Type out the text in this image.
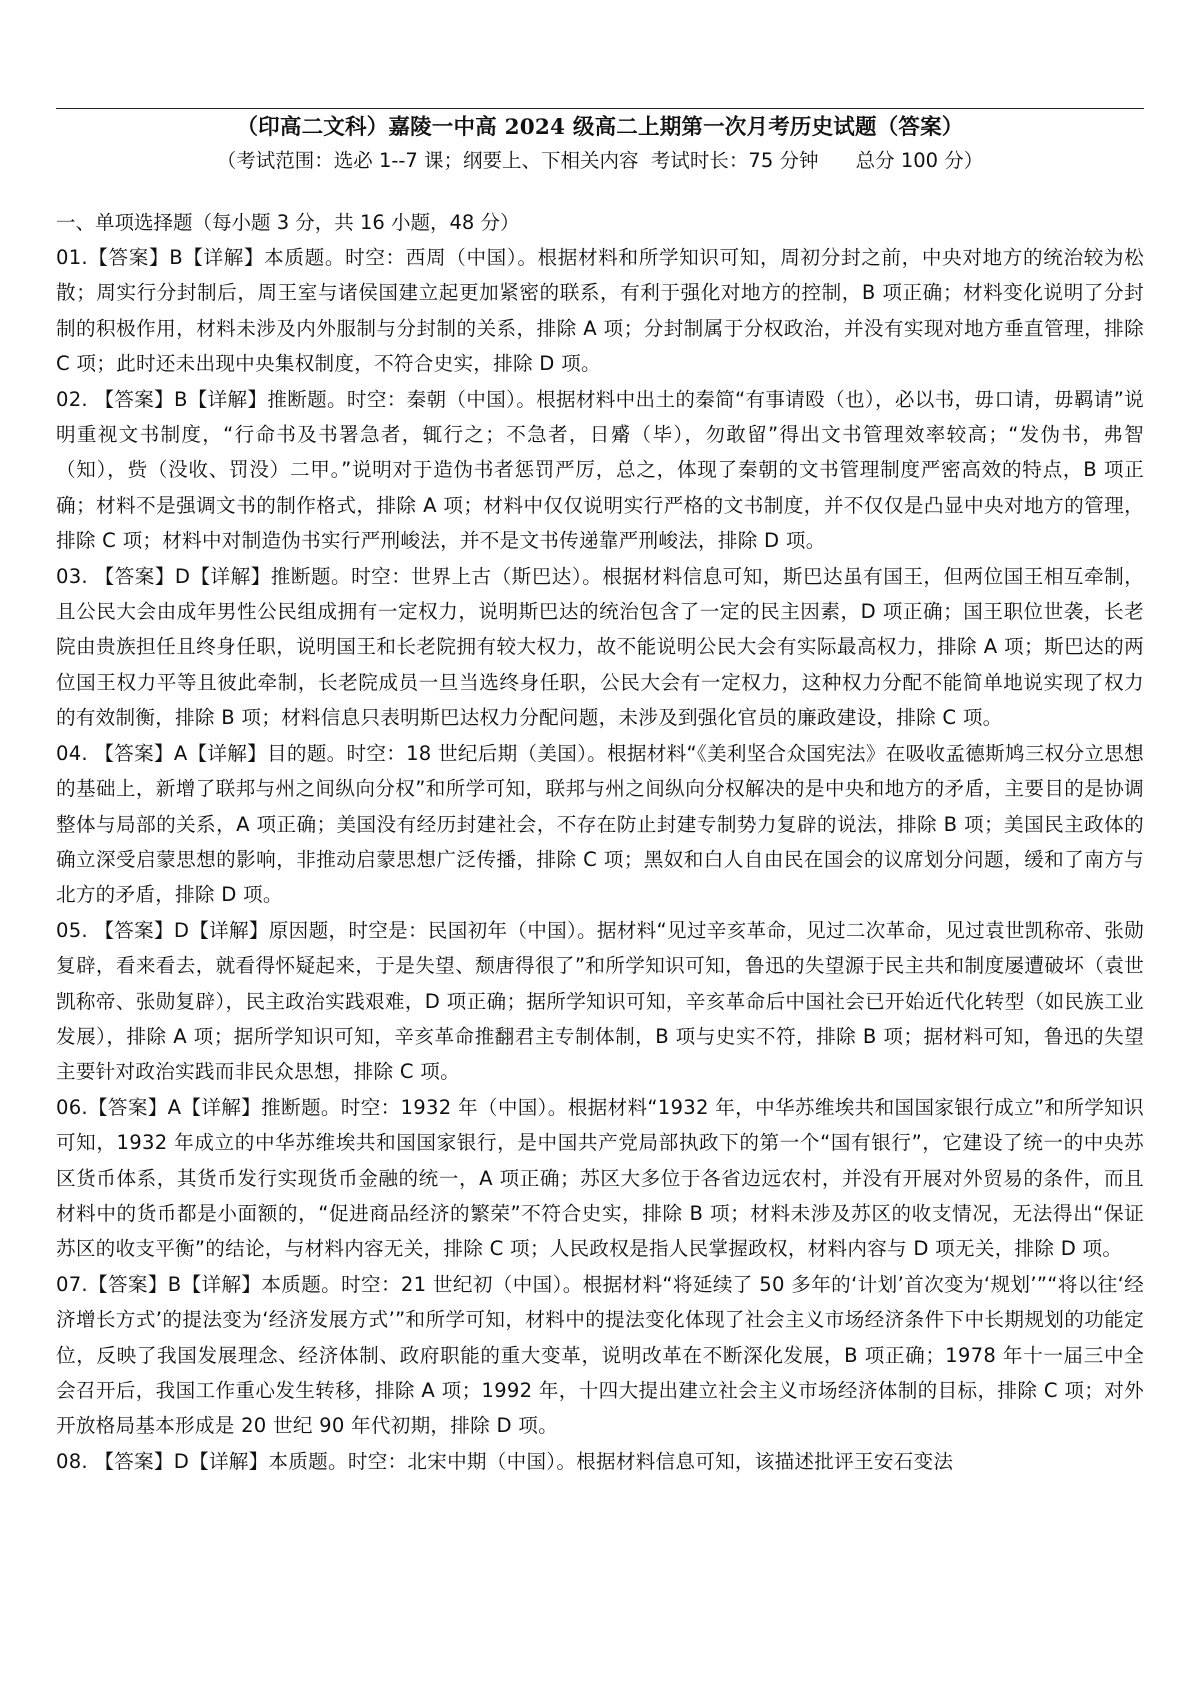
（印高二文科）嘉陵一中高 2024 级高二上期第一次月考历史试题（答案）
（考试范围：选必 1--7 课；纲要上、下相关内容  考试时长：75 分钟      总分 100 分）
一、单项选择题（每小题 3 分，共 16 小题，48 分）

01.【答案】B【详解】本质题。时空：西周（中国）。根据材料和所学知识可知，周初分封之前，中央对地方的统治较为松散；周实行分封制后，周王室与诸侯国建立起更加紧密的联系，有利于强化对地方的控制，B 项正确；材料变化说明了分封制的积极作用，材料未涉及内外服制与分封制的关系，排除 A 项；分封制属于分权政治，并没有实现对地方垂直管理，排除 C 项；此时还未出现中央集权制度，不符合史实，排除 D 项。

02. 【答案】B【详解】推断题。时空：秦朝（中国）。根据材料中出土的秦简“有事请殴（也），必以书，毋口请，毋羁请”说明重视文书制度，“行命书及书署急者，辄行之；不急者，日觱（毕），勿敢留”得出文书管理效率较高；“发伪书，弗智（知），赀（没收、罚没）二甲。”说明对于造伪书者惩罚严厉，总之，体现了秦朝的文书管理制度严密高效的特点，B 项正确；材料不是强调文书的制作格式，排除 A 项；材料中仅仅说明实行严格的文书制度，并不仅仅是凸显中央对地方的管理，排除 C 项；材料中对制造伪书实行严刑峻法，并不是文书传递靠严刑峻法，排除 D 项。

03. 【答案】D【详解】推断题。时空：世界上古（斯巴达）。根据材料信息可知，斯巴达虽有国王，但两位国王相互牵制，且公民大会由成年男性公民组成拥有一定权力，说明斯巴达的统治包含了一定的民主因素，D 项正确；国王职位世袭，长老院由贵族担任且终身任职，说明国王和长老院拥有较大权力，故不能说明公民大会有实际最高权力，排除 A 项；斯巴达的两位国王权力平等且彼此牵制，长老院成员一旦当选终身任职，公民大会有一定权力，这种权力分配不能简单地说实现了权力的有效制衡，排除 B 项；材料信息只表明斯巴达权力分配问题，未涉及到强化官员的廉政建设，排除 C 项。

04. 【答案】A【详解】目的题。时空：18 世纪后期（美国）。根据材料“《美利坚合众国宪法》在吸收孟德斯鸠三权分立思想的基础上，新增了联邦与州之间纵向分权”和所学可知，联邦与州之间纵向分权解决的是中央和地方的矛盾，主要目的是协调整体与局部的关系，A 项正确；美国没有经历封建社会，不存在防止封建专制势力复辟的说法，排除 B 项；美国民主政体的确立深受启蒙思想的影响，非推动启蒙思想广泛传播，排除 C 项；黑奴和白人自由民在国会的议席划分问题，缓和了南方与北方的矛盾，排除 D 项。

05. 【答案】D【详解】原因题，时空是：民国初年（中国）。据材料“见过辛亥革命，见过二次革命，见过袁世凯称帝、张勋复辟，看来看去，就看得怀疑起来，于是失望、颓唐得很了”和所学知识可知，鲁迅的失望源于民主共和制度屡遭破坏（袁世凯称帝、张勋复辟），民主政治实践艰难，D 项正确；据所学知识可知，辛亥革命后中国社会已开始近代化转型（如民族工业发展），排除 A 项；据所学知识可知，辛亥革命推翻君主专制体制，B 项与史实不符，排除 B 项；据材料可知，鲁迅的失望主要针对政治实践而非民众思想，排除 C 项。

06.【答案】A【详解】推断题。时空：1932 年（中国）。根据材料“1932 年，中华苏维埃共和国国家银行成立”和所学知识可知，1932 年成立的中华苏维埃共和国国家银行，是中国共产党局部执政下的第一个“国有银行”，它建设了统一的中央苏区货币体系，其货币发行实现货币金融的统一，A 项正确；苏区大多位于各省边远农村，并没有开展对外贸易的条件，而且材料中的货币都是小面额的，“促进商品经济的繁荣”不符合史实，排除 B 项；材料未涉及苏区的收支情况，无法得出“保证苏区的收支平衡”的结论，与材料内容无关，排除 C 项；人民政权是指人民掌握政权，材料内容与 D 项无关，排除 D 项。

07.【答案】B【详解】本质题。时空：21 世纪初（中国）。根据材料“将延续了 50 多年的‘计划’首次变为‘规划’”“将以往‘经济增长方式’的提法变为‘经济发展方式’”和所学可知，材料中的提法变化体现了社会主义市场经济条件下中长期规划的功能定位，反映了我国发展理念、经济体制、政府职能的重大变革，说明改革在不断深化发展，B 项正确；1978 年十一届三中全会召开后，我国工作重心发生转移，排除 A 项；1992 年，十四大提出建立社会主义市场经济体制的目标，排除 C 项；对外开放格局基本形成是 20 世纪 90 年代初期，排除 D 项。

08. 【答案】D【详解】本质题。时空：北宋中期（中国）。根据材料信息可知，该描述批评王安石变法
